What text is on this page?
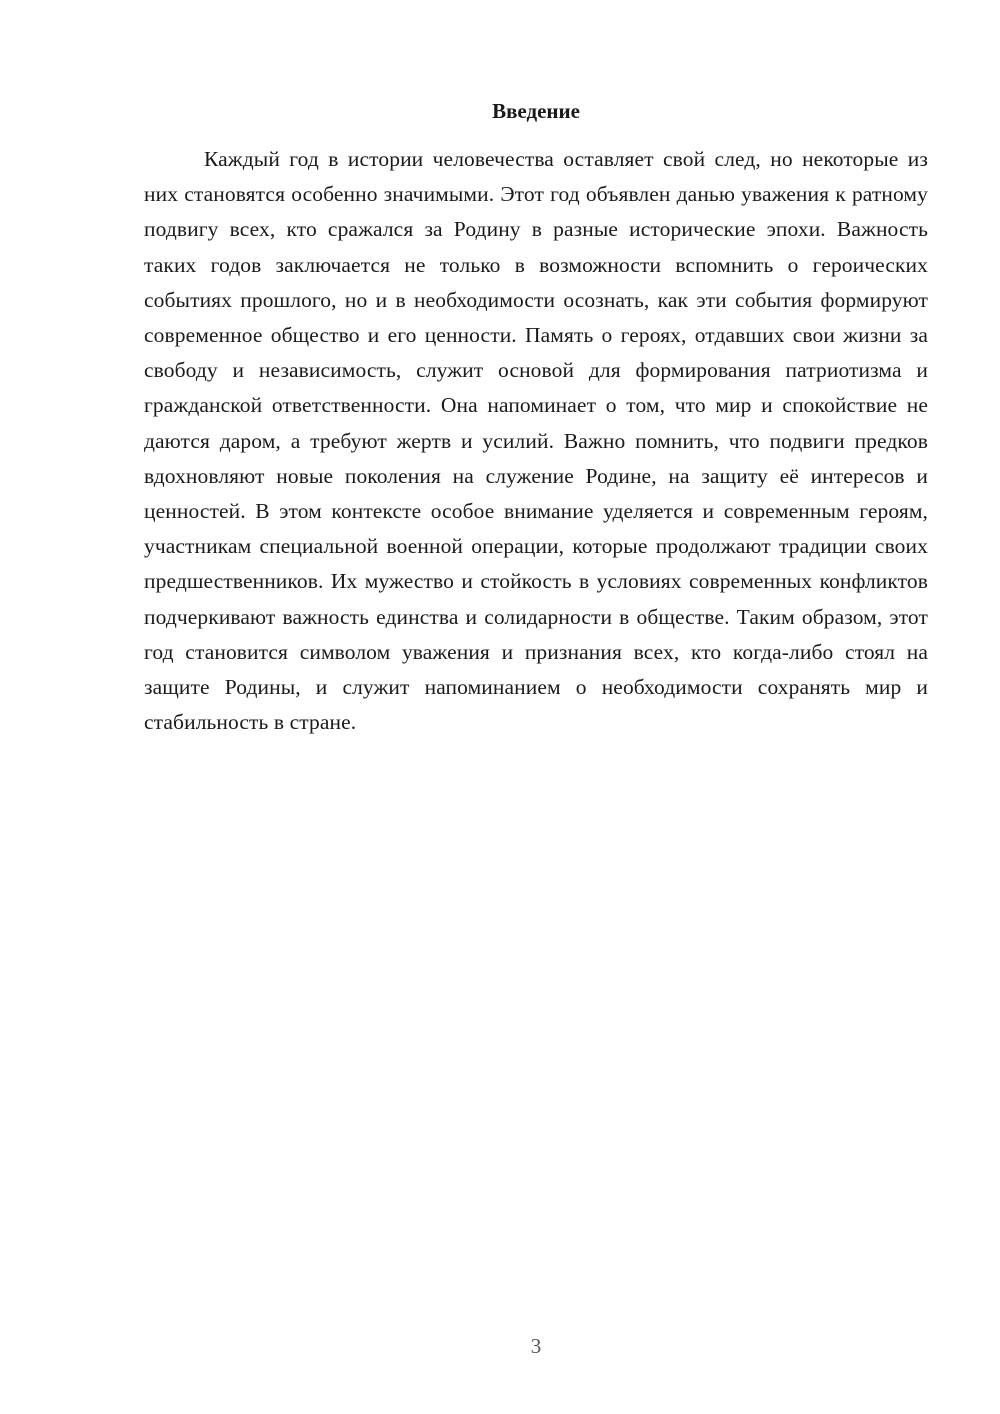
Введение

Каждый год в истории человечества оставляет свой след, но некоторые из них становятся особенно значимыми. Этот год объявлен данью уважения к ратному подвигу всех, кто сражался за Родину в разные исторические эпохи. Важность таких годов заключается не только в возможности вспомнить о героических событиях прошлого, но и в необходимости осознать, как эти события формируют современное общество и его ценности. Память о героях, отдавших свои жизни за свободу и независимость, служит основой для формирования патриотизма и гражданской ответственности. Она напоминает о том, что мир и спокойствие не даются даром, а требуют жертв и усилий. Важно помнить, что подвиги предков вдохновляют новые поколения на служение Родине, на защиту её интересов и ценностей. В этом контексте особое внимание уделяется и современным героям, участникам специальной военной операции, которые продолжают традиции своих предшественников. Их мужество и стойкость в условиях современных конфликтов подчеркивают важность единства и солидарности в обществе. Таким образом, этот год становится символом уважения и признания всех, кто когда-либо стоял на защите Родины, и служит напоминанием о необходимости сохранять мир и стабильность в стране.

3
